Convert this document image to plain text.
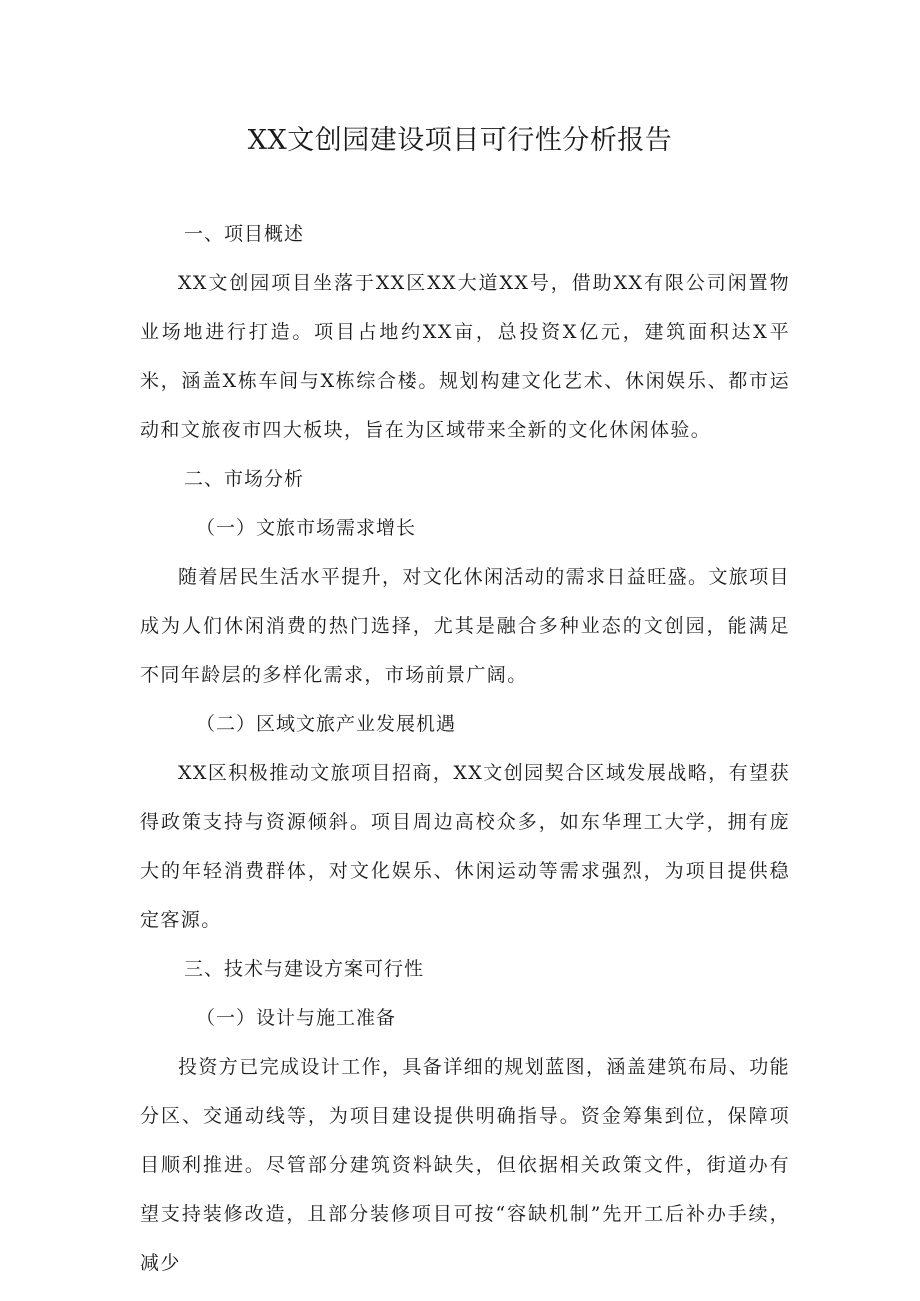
XX文创园建设项目可行性分析报告

一、项目概述

XX文创园项目坐落于XX区XX大道XX号，借助XX有限公司闲置物业场地进行打造。项目占地约XX亩，总投资X亿元，建筑面积达X平米，涵盖X栋车间与X栋综合楼。规划构建文化艺术、休闲娱乐、都市运动和文旅夜市四大板块，旨在为区域带来全新的文化休闲体验。

二、市场分析

（一）文旅市场需求增长

随着居民生活水平提升，对文化休闲活动的需求日益旺盛。文旅项目成为人们休闲消费的热门选择，尤其是融合多种业态的文创园，能满足不同年龄层的多样化需求，市场前景广阔。

（二）区域文旅产业发展机遇

XX区积极推动文旅项目招商，XX文创园契合区域发展战略，有望获得政策支持与资源倾斜。项目周边高校众多，如东华理工大学，拥有庞大的年轻消费群体，对文化娱乐、休闲运动等需求强烈，为项目提供稳定客源。

三、技术与建设方案可行性

（一）设计与施工准备

投资方已完成设计工作，具备详细的规划蓝图，涵盖建筑布局、功能分区、交通动线等，为项目建设提供明确指导。资金筹集到位，保障项目顺利推进。尽管部分建筑资料缺失，但依据相关政策文件，街道办有望支持装修改造，且部分装修项目可按“容缺机制”先开工后补办手续，减少
